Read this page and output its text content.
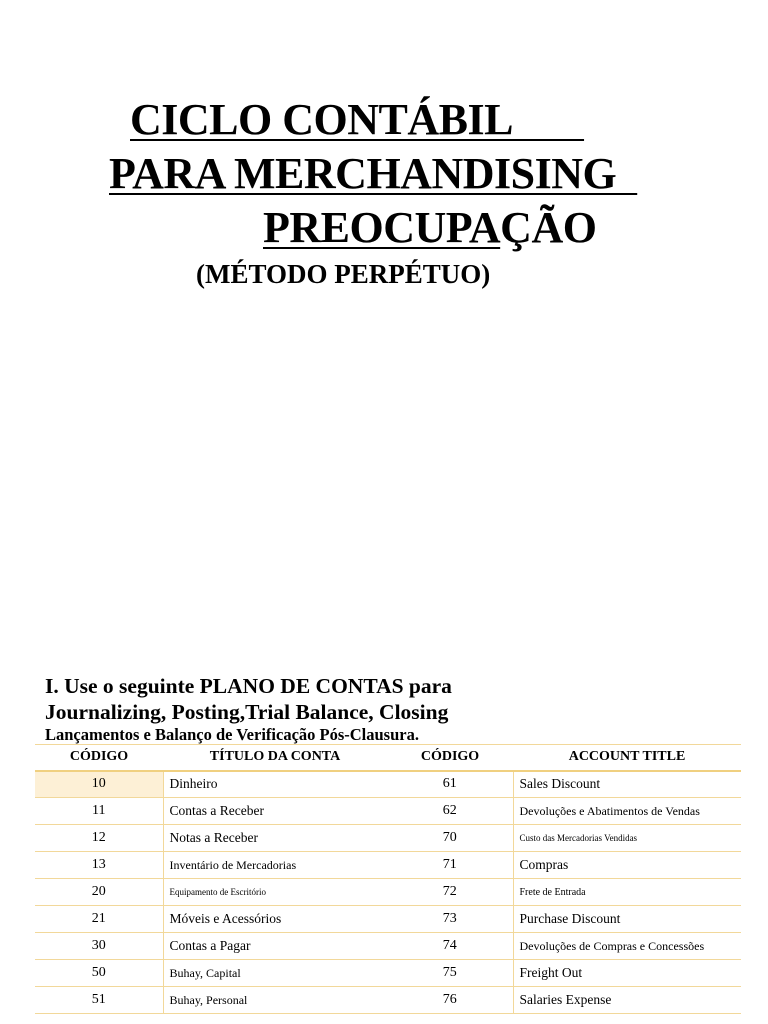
CICLO CONTÁBIL
PARA MERCHANDISING
PREOCUPAÇÃO
(MÉTODO PERPÉTUO)
I. Use o seguinte PLANO DE CONTAS para
Journalizing, Posting,Trial Balance, Closing
Lançamentos e Balanço de Verificação Pós-Clausura.
CÓDIGO	TÍTULO DA CONTA	CÓDIGO	ACCOUNT TITLE
10	Dinheiro	61	Sales Discount
11	Contas a Receber	62	Devoluções e Abatimentos de Vendas
12	Notas a Receber	70	Custo das Mercadorias Vendidas
13	Inventário de Mercadorias	71	Compras
20	Equipamento de Escritório	72	Frete de Entrada
21	Móveis e Acessórios	73	Purchase Discount
30	Contas a Pagar	74	Devoluções de Compras e Concessões
50	Buhay, Capital	75	Freight Out
51	Buhay, Personal	76	Salaries Expense
